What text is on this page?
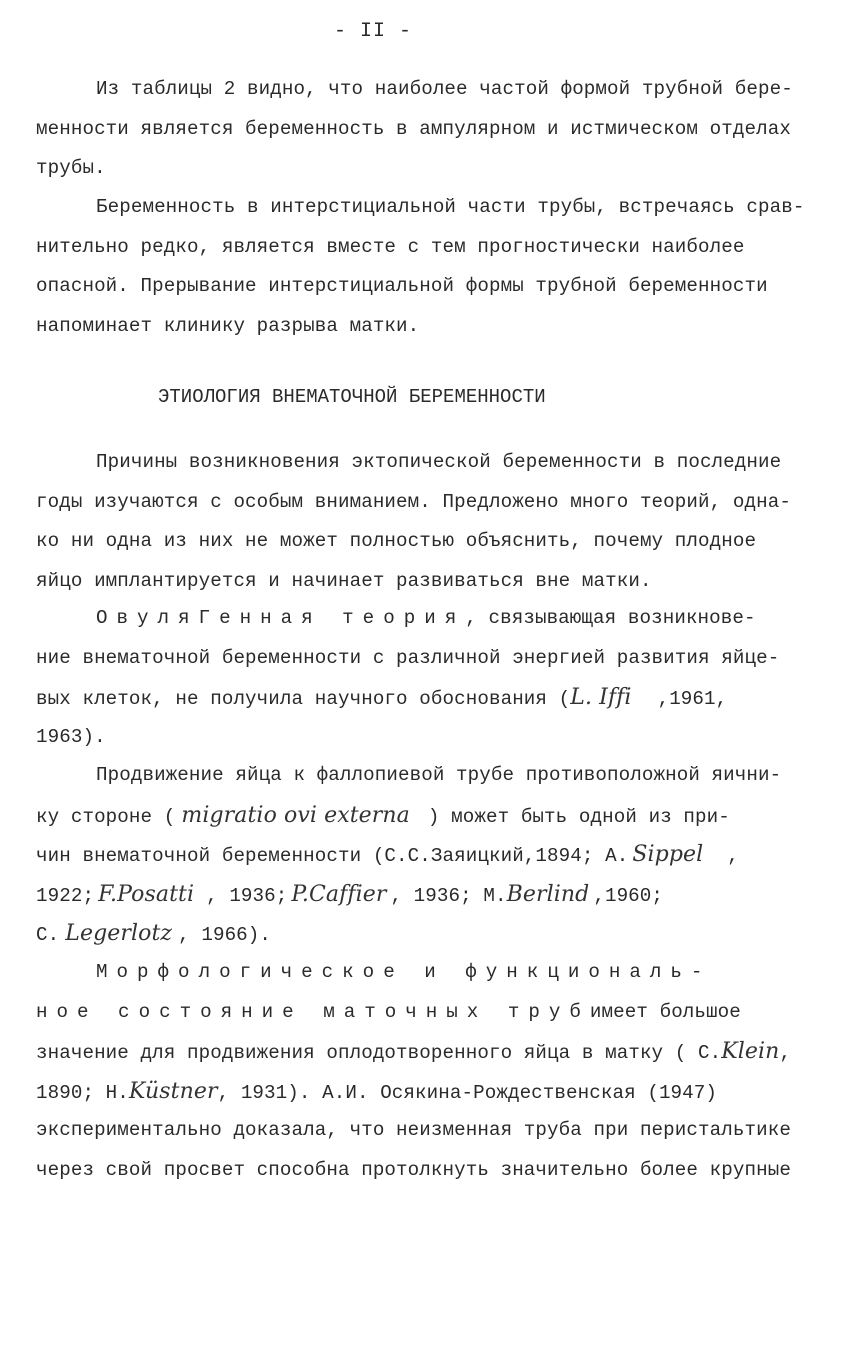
- II -
Из таблицы 2 видно, что наиболее частой формой трубной бере-
менности является беременность в ампулярном и истмическом отделах
трубы.
Беременность в интерстициальной части трубы, встречаясь срав-
нительно редко, является вместе с тем прогностически наиболее
опасной. Прерывание интерстициальной формы трубной беременности
напоминает клинику разрыва матки.
ЭТИОЛОГИЯ ВНЕМАТОЧНОЙ БЕРЕМЕННОСТИ
Причины возникновения эктопической беременности в последние
годы изучаются с особым вниманием. Предложено много теорий, одна-
ко ни одна из них не может полностью объяснить, почему плодное
яйцо имплантируется и начинает развиваться вне матки.
ОвуляГенная теория, связывающая возникнове-
ние внематочной беременности с различной энергией развития яйце-
вых клеток, не получила научного обоснования (L. Iffi ,1961,
1963).
Продвижение яйца к фаллопиевой трубе противоположной яични-
ку стороне ( migratio ovi externa ) может быть одной из при-
чин внематочной беременности (С.С.Заяицкий,1894; А. Sippel ,
1922; F.Posatti , 1936; P.Caffier , 1936; M.Berlind ,1960;
C. Legerlotz , 1966).
Морфологическое и функциональ-
ное состояние маточных трубимеет большое
значение для продвижения оплодотворенного яйца в матку ( С.Klein,
1890; H.Küstner, 1931). А.И. Осякина-Рождественская (1947)
экспериментально доказала, что неизменная труба при перистальтике
через свой просвет способна протолкнуть значительно более крупные
